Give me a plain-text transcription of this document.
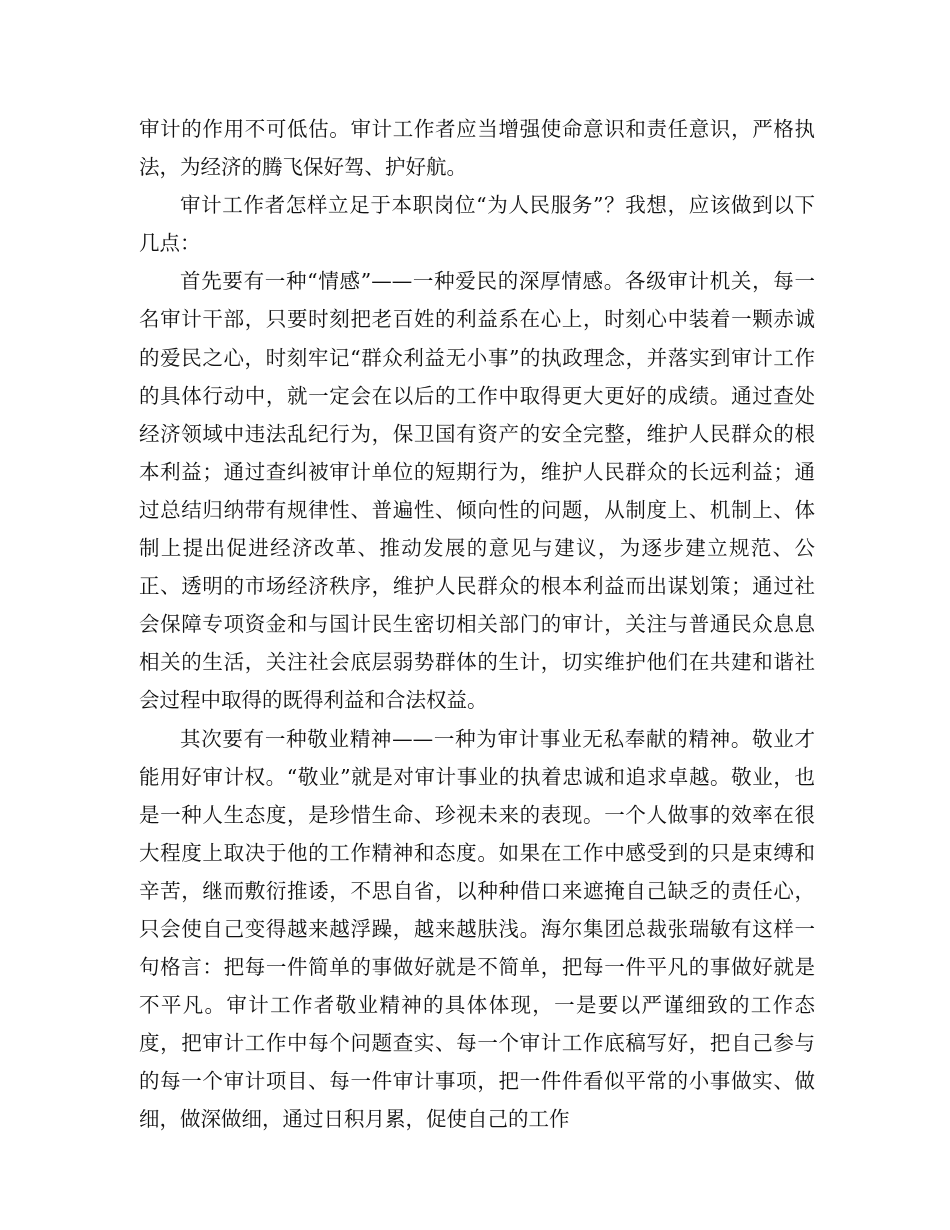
审计的作用不可低估。审计工作者应当增强使命意识和责任意识，严格执法，为经济的腾飞保好驾、护好航。

审计工作者怎样立足于本职岗位“为人民服务”？我想，应该做到以下几点：

首先要有一种“情感”——一种爱民的深厚情感。各级审计机关，每一名审计干部，只要时刻把老百姓的利益系在心上，时刻心中装着一颗赤诚的爱民之心，时刻牢记“群众利益无小事”的执政理念，并落实到审计工作的具体行动中，就一定会在以后的工作中取得更大更好的成绩。通过查处经济领域中违法乱纪行为，保卫国有资产的安全完整，维护人民群众的根本利益；通过查纠被审计单位的短期行为，维护人民群众的长远利益；通过总结归纳带有规律性、普遍性、倾向性的问题，从制度上、机制上、体制上提出促进经济改革、推动发展的意见与建议，为逐步建立规范、公正、透明的市场经济秩序，维护人民群众的根本利益而出谋划策；通过社会保障专项资金和与国计民生密切相关部门的审计，关注与普通民众息息相关的生活，关注社会底层弱势群体的生计，切实维护他们在共建和谐社会过程中取得的既得利益和合法权益。

其次要有一种敬业精神——一种为审计事业无私奉献的精神。敬业才能用好审计权。“敬业”就是对审计事业的执着忠诚和追求卓越。敬业，也是一种人生态度，是珍惜生命、珍视未来的表现。一个人做事的效率在很大程度上取决于他的工作精神和态度。如果在工作中感受到的只是束缚和辛苦，继而敷衍推诿，不思自省，以种种借口来遮掩自己缺乏的责任心，只会使自己变得越来越浮躁，越来越肤浅。海尔集团总裁张瑞敏有这样一句格言：把每一件简单的事做好就是不简单，把每一件平凡的事做好就是不平凡。审计工作者敬业精神的具体体现，一是要以严谨细致的工作态度，把审计工作中每个问题查实、每一个审计工作底稿写好，把自己参与的每一个审计项目、每一件审计事项，把一件件看似平常的小事做实、做细，做深做细，通过日积月累，促使自己的工作
